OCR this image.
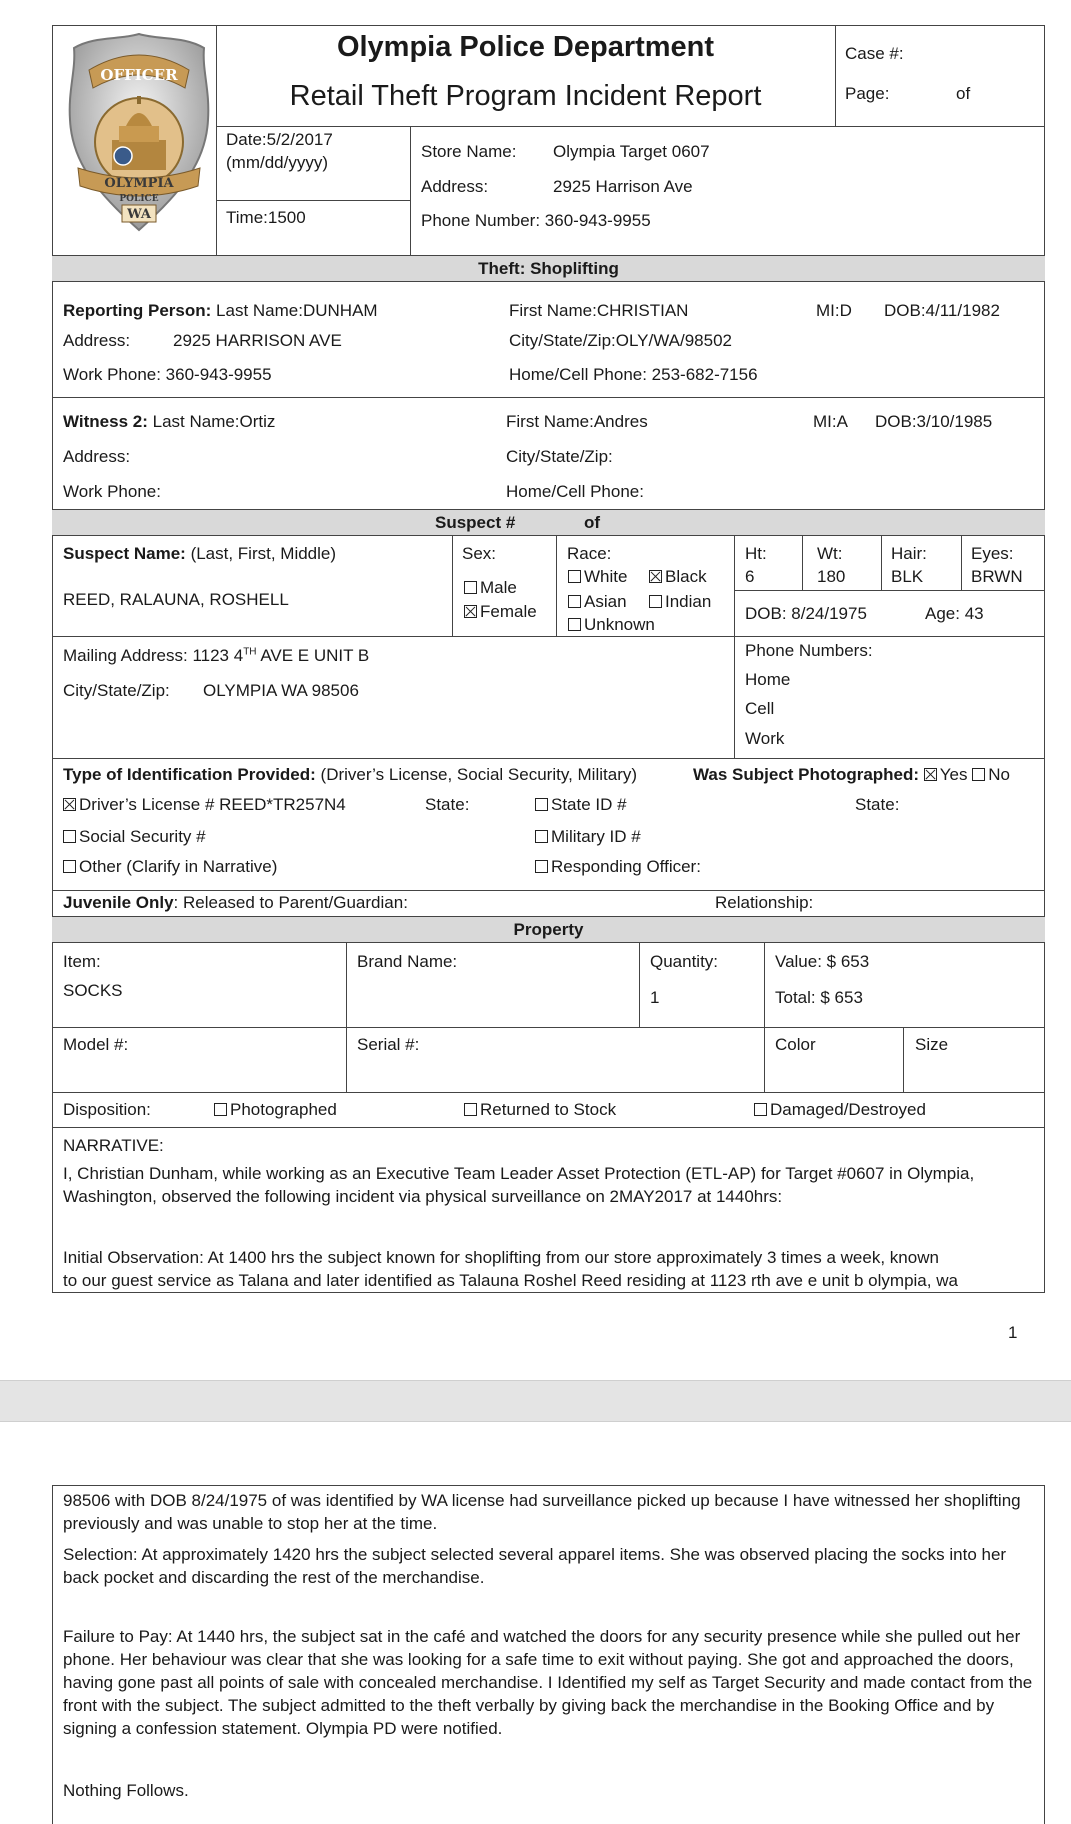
OFFICER
OLYMPIA
POLICE
WA
Olympia Police Department
Retail Theft Program Incident Report
Case #:
Page:	of
Date:5/2/2017
(mm/dd/yyyy)
Time:1500
Store Name: Olympia Target 0607
Address:	2925 Harrison Ave
Phone Number: 360-943-9955
Theft: Shoplifting
Reporting Person: Last Name:DUNHAM	First Name:CHRISTIAN	MI:D DOB:4/11/1982
Address:	2925 HARRISON AVE	City/State/Zip:OLY/WA/98502
Work Phone: 360-943-9955	Home/Cell Phone: 253-682-7156
Witness 2: Last Name:Ortiz	First Name:Andres	MI:A DOB:3/10/1985
Address:	City/State/Zip:
Work Phone:	Home/Cell Phone:
Suspect #	of
Suspect Name: (Last, First, Middle)
REED, RALAUNA, ROSHELL
Sex:
Male
Female
Race:
White	Black
Asian	Indian
Unknown
Ht:
6
Wt:
180
Hair:
BLK
Eyes:
BRWN
DOB: 8/24/1975	Age: 43
Mailing Address: 1123 4TH AVE E UNIT B
City/State/Zip: OLYMPIA WA 98506
Phone Numbers:
Home
Cell
Work
Type of Identification Provided: (Driver’s License, Social Security, Military)	Was Subject Photographed: Yes No
Driver’s License # REED*TR257N4	State:	State ID #	State:
Social Security #	Military ID #
Other (Clarify in Narrative)	Responding Officer:
Juvenile Only: Released to Parent/Guardian:	Relationship:
Property
Item:
SOCKS
Brand Name:	Quantity:
1
Value: $ 653
Total: $ 653
Model #:	Serial #:	Color	Size
Disposition:	Photographed	Returned to Stock	Damaged/Destroyed
NARRATIVE:
I, Christian Dunham, while working as an Executive Team Leader Asset Protection (ETL-AP) for Target #0607 in Olympia, Washington, observed the following incident via physical surveillance on 2MAY2017 at 1440hrs:
Initial Observation: At 1400 hrs the subject known for shoplifting from our store approximately 3 times a week, known
to our guest service as Talana and later identified as Talauna Roshel Reed residing at 1123 rth ave e unit b olympia, wa
1
98506 with DOB 8/24/1975 of was identified by WA license had surveillance picked up because I have witnessed her shoplifting previously and was unable to stop her at the time.
Selection: At approximately 1420 hrs the subject selected several apparel items. She was observed placing the socks into her back pocket and discarding the rest of the merchandise.
Failure to Pay: At 1440 hrs, the subject sat in the café and watched the doors for any security presence while she pulled out her phone. Her behaviour was clear that she was looking for a safe time to exit without paying. She got and approached the doors, having gone past all points of sale with concealed merchandise. I Identified my self as Target Security and made contact from the front with the subject. The subject admitted to the theft verbally by giving back the merchandise in the Booking Office and by signing a confession statement. Olympia PD were notified.
Nothing Follows.
